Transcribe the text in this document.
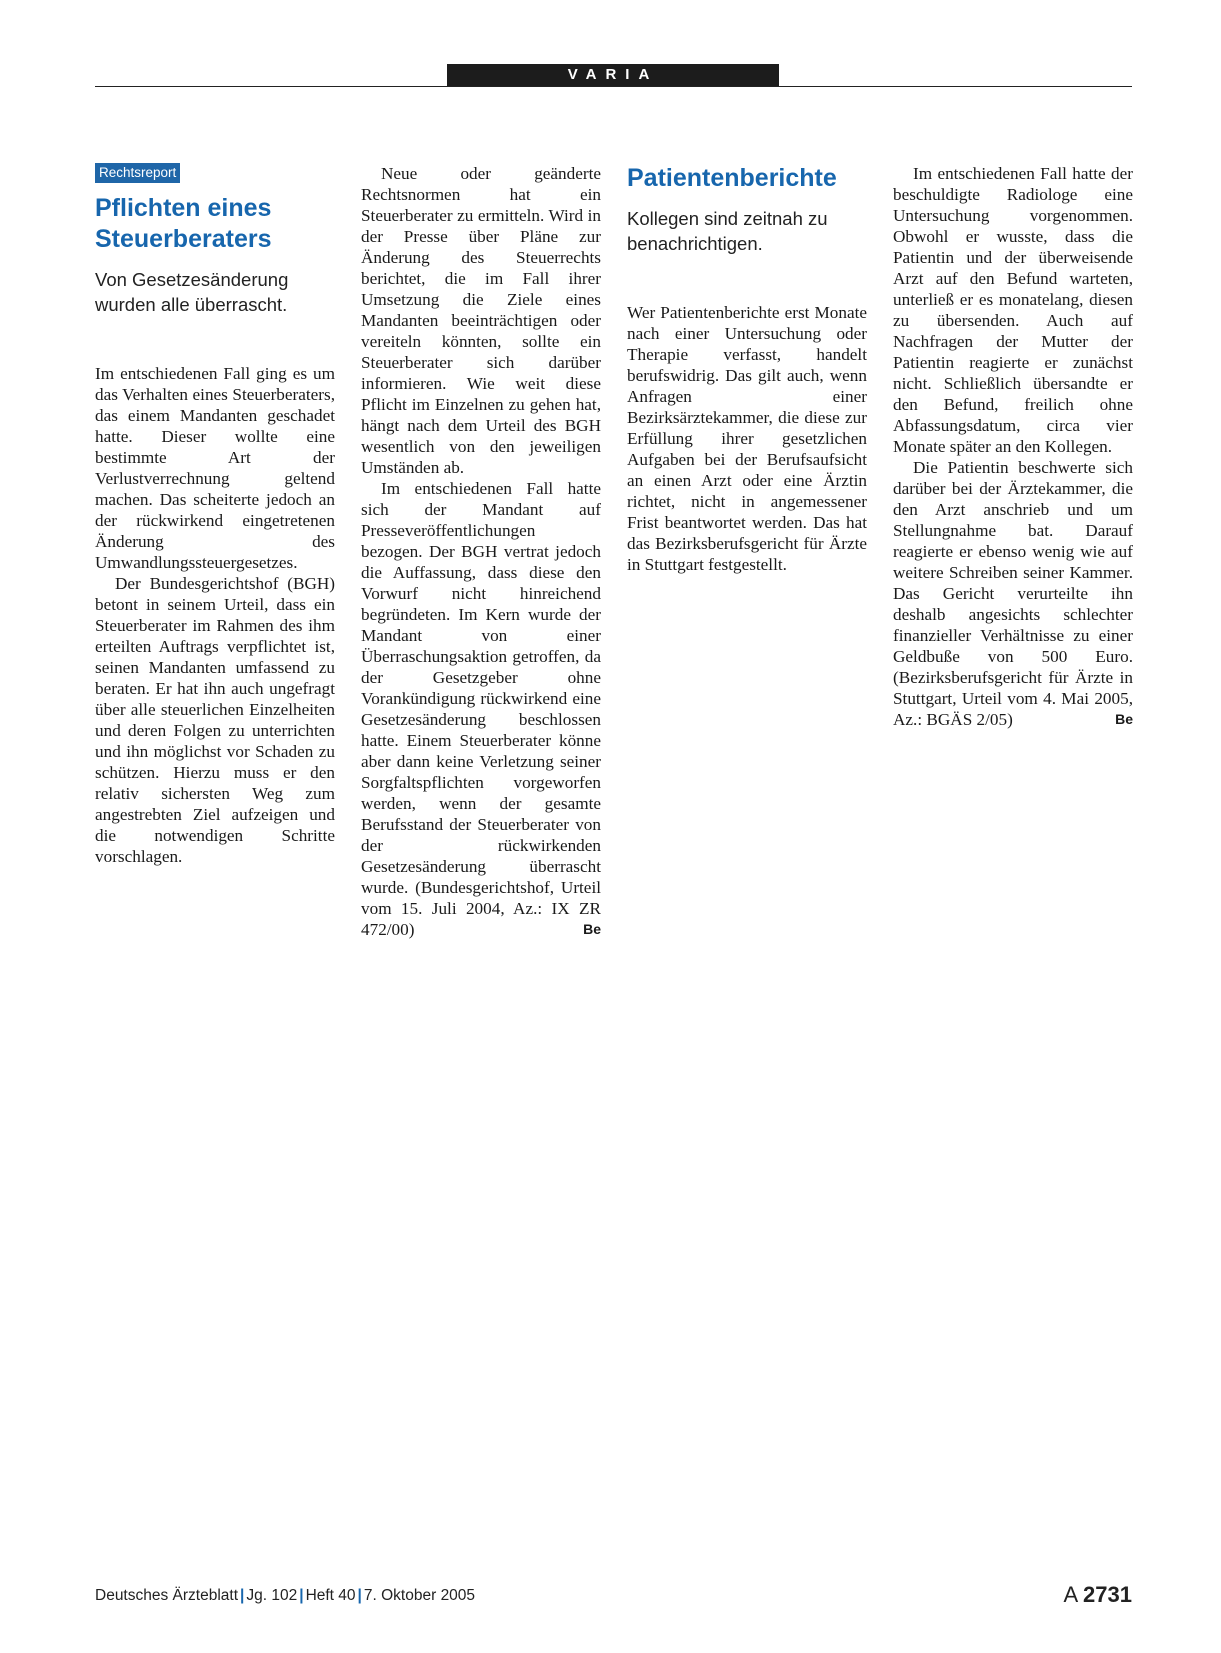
VARIA
Rechtsreport
Pflichten eines
Steuerberaters
Von Gesetzesänderung wurden alle überrascht.

Im entschiedenen Fall ging es um das Verhalten eines Steuerberaters, das einem Mandanten geschadet hatte. Dieser wollte eine bestimmte Art der Verlustverrechnung geltend machen. Das scheiterte jedoch an der rückwirkend eingetretenen Änderung des Umwandlungssteuergesetzes.

Der Bundesgerichtshof (BGH) betont in seinem Urteil, dass ein Steuerberater im Rahmen des ihm erteilten Auftrags verpflichtet ist, seinen Mandanten umfassend zu beraten. Er hat ihn auch ungefragt über alle steuerlichen Einzelheiten und deren Folgen zu unterrichten und ihn möglichst vor Schaden zu schützen. Hierzu muss er den relativ sichersten Weg zum angestrebten Ziel aufzeigen und die notwendigen Schritte vorschlagen.

Neue oder geänderte Rechtsnormen hat ein Steuerberater zu ermitteln. Wird in der Presse über Pläne zur Änderung des Steuerrechts berichtet, die im Fall ihrer Umsetzung die Ziele eines Mandanten beeinträchtigen oder vereiteln könnten, sollte ein Steuerberater sich darüber informieren. Wie weit diese Pflicht im Einzelnen zu gehen hat, hängt nach dem Urteil des BGH wesentlich von den jeweiligen Umständen ab.

Im entschiedenen Fall hatte sich der Mandant auf Presseveröffentlichungen bezogen. Der BGH vertrat jedoch die Auffassung, dass diese den Vorwurf nicht hinreichend begründeten. Im Kern wurde der Mandant von einer Überraschungsaktion getroffen, da der Gesetzgeber ohne Vorankündigung rückwirkend eine Gesetzesänderung beschlossen hatte. Einem Steuerberater könne aber dann keine Verletzung seiner Sorgfaltspflichten vorgeworfen werden, wenn der gesamte Berufsstand der Steuerberater von der rückwirkenden Gesetzesänderung überrascht wurde. (Bundesgerichtshof, Urteil vom 15. Juli 2004, Az.: IX ZR 472/00)	Be

Patientenberichte
Kollegen sind zeitnah zu benachrichtigen.

Wer Patientenberichte erst Monate nach einer Untersuchung oder Therapie verfasst, handelt berufswidrig. Das gilt auch, wenn Anfragen einer Bezirksärztekammer, die diese zur Erfüllung ihrer gesetzlichen Aufgaben bei der Berufsaufsicht an einen Arzt oder eine Ärztin richtet, nicht in angemessener Frist beantwortet werden. Das hat das Bezirksberufsgericht für Ärzte in Stuttgart festgestellt.

Im entschiedenen Fall hatte der beschuldigte Radiologe eine Untersuchung vorgenommen. Obwohl er wusste, dass die Patientin und der überweisende Arzt auf den Befund warteten, unterließ er es monatelang, diesen zu übersenden. Auch auf Nachfragen der Mutter der Patientin reagierte er zunächst nicht. Schließlich übersandte er den Befund, freilich ohne Abfassungsdatum, circa vier Monate später an den Kollegen.

Die Patientin beschwerte sich darüber bei der Ärztekammer, die den Arzt anschrieb und um Stellungnahme bat. Darauf reagierte er ebenso wenig wie auf weitere Schreiben seiner Kammer. Das Gericht verurteilte ihn deshalb angesichts schlechter finanzieller Verhältnisse zu einer Geldbuße von 500 Euro. (Bezirksberufsgericht für Ärzte in Stuttgart, Urteil vom 4. Mai 2005, Az.: BGÄS 2/05)	Be

Deutsches Ärzteblatt | Jg. 102 | Heft 40 | 7. Oktober 2005	A 2731
